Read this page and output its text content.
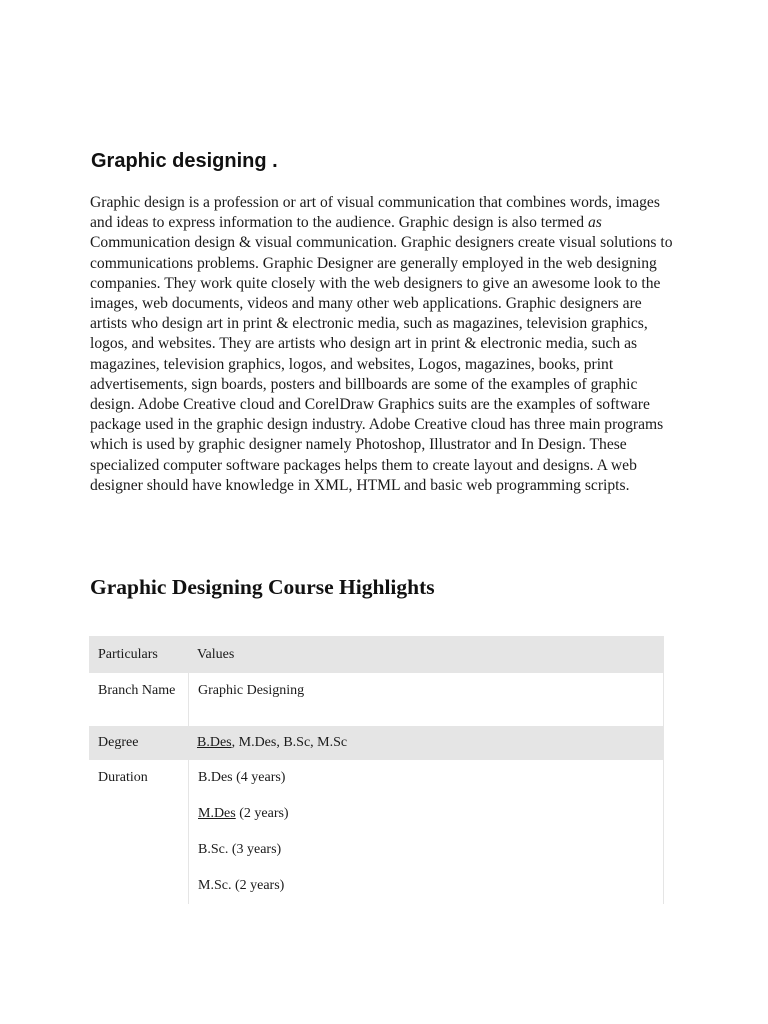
Graphic designing .

Graphic design is a profession or art of visual communication that combines words, images and ideas to express information to the audience. Graphic design is also termed as Communication design & visual communication. Graphic designers create visual solutions to communications problems. Graphic Designer are generally employed in the web designing companies. They work quite closely with the web designers to give an awesome look to the images, web documents, videos and many other web applications. Graphic designers are artists who design art in print & electronic media, such as magazines, television graphics, logos, and websites. They are artists who design art in print & electronic media, such as magazines, television graphics, logos, and websites, Logos, magazines, books, print advertisements, sign boards, posters and billboards are some of the examples of graphic design. Adobe Creative cloud and CorelDraw Graphics suits are the examples of software package used in the graphic design industry. Adobe Creative cloud has three main programs which is used by graphic designer namely Photoshop, Illustrator and In Design. These specialized computer software packages helps them to create layout and designs. A web designer should have knowledge in XML, HTML and basic web programming scripts.

Graphic Designing Course Highlights
Particulars	Values
Branch Name	Graphic Designing
Degree	B.Des, M.Des, B.Sc, M.Sc
Duration	B.Des (4 years)
M.Des (2 years)
B.Sc. (3 years)
M.Sc. (2 years)
